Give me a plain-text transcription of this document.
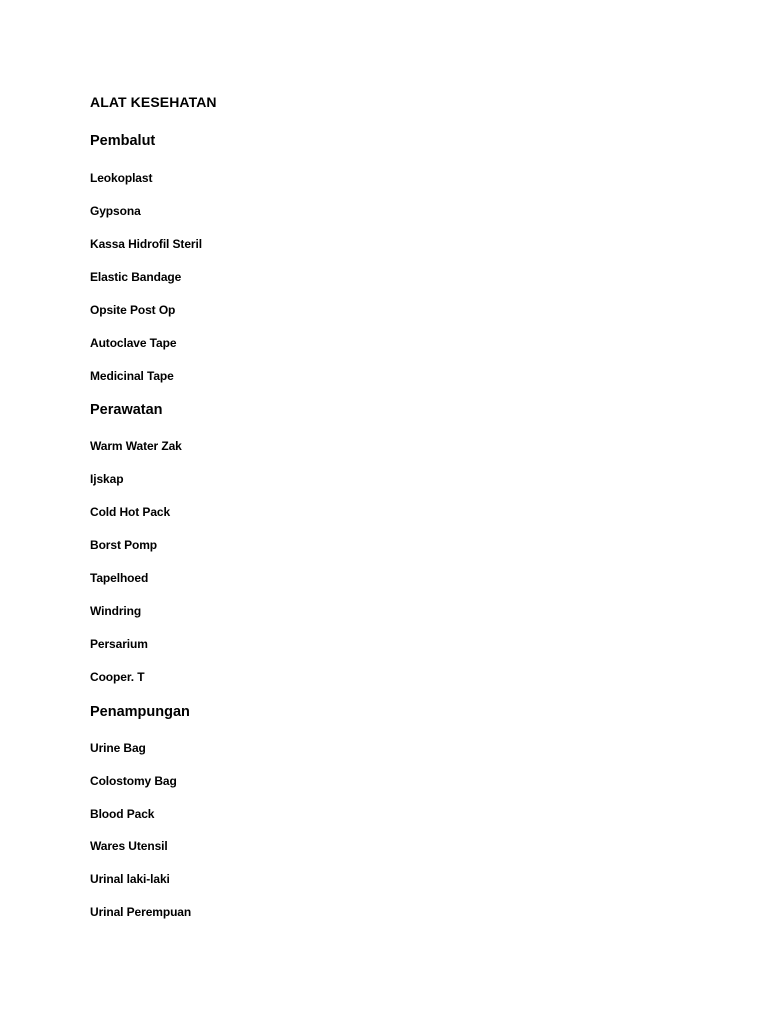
ALAT KESEHATAN
Pembalut
Leokoplast
Gypsona
Kassa Hidrofil Steril
Elastic Bandage
Opsite Post Op
Autoclave Tape
Medicinal Tape
Perawatan
Warm Water Zak
Ijskap
Cold Hot Pack
Borst Pomp
Tapelhoed
Windring
Persarium
Cooper. T
Penampungan
Urine Bag
Colostomy Bag
Blood Pack
Wares Utensil
Urinal laki-laki
Urinal Perempuan
